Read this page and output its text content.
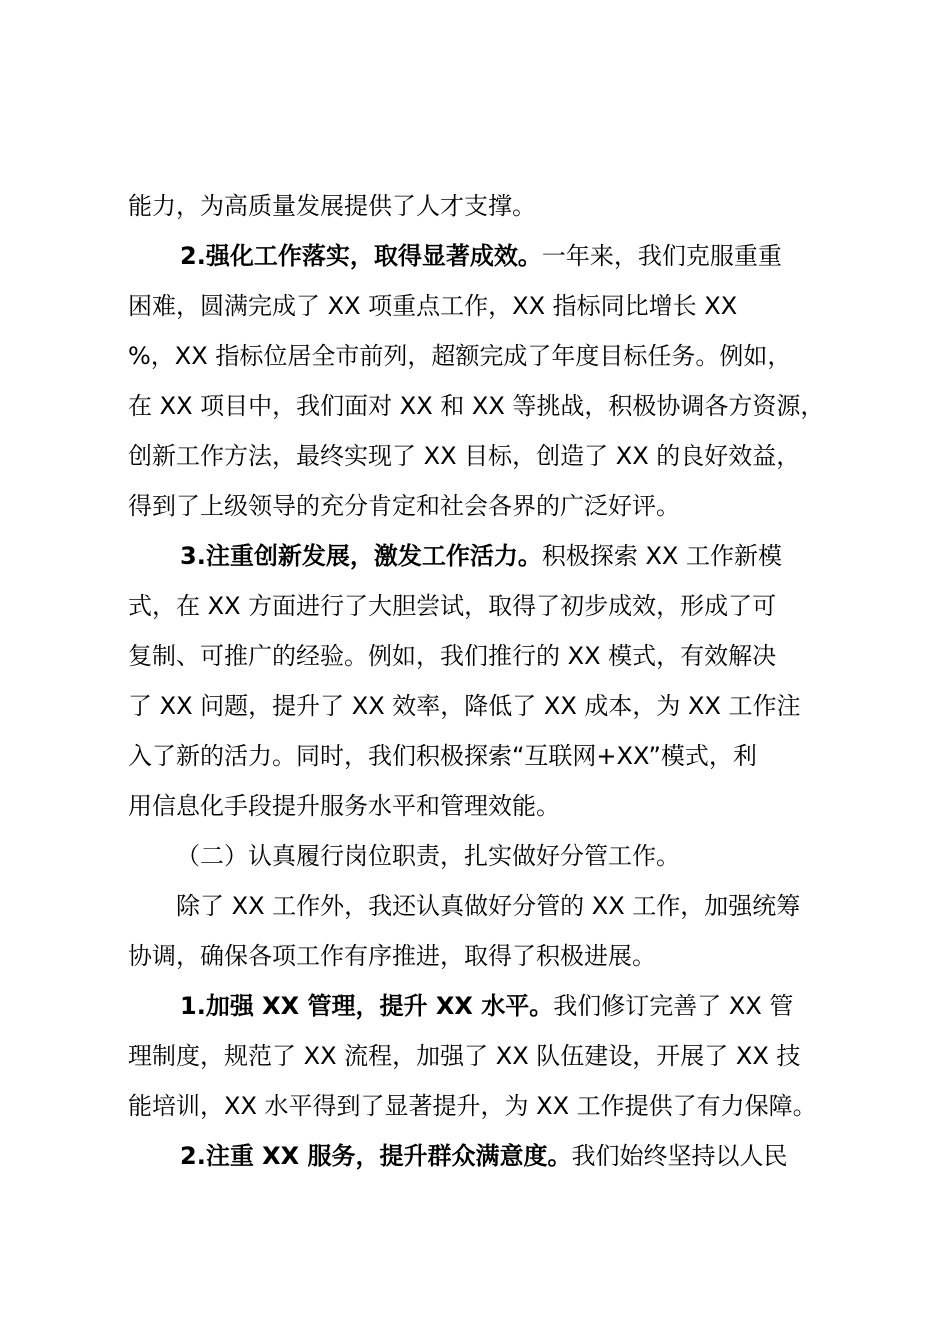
能力，为高质量发展提供了人才支撑。
2.强化工作落实，取得显著成效。一年来，我们克服重重
困难，圆满完成了 XX 项重点工作，XX 指标同比增长 XX
%，XX 指标位居全市前列，超额完成了年度目标任务。例如，
在 XX 项目中，我们面对 XX 和 XX 等挑战，积极协调各方资源，
创新工作方法，最终实现了 XX 目标，创造了 XX 的良好效益，
得到了上级领导的充分肯定和社会各界的广泛好评。
3.注重创新发展，激发工作活力。积极探索 XX 工作新模
式，在 XX 方面进行了大胆尝试，取得了初步成效，形成了可
复制、可推广的经验。例如，我们推行的 XX 模式，有效解决
了 XX 问题，提升了 XX 效率，降低了 XX 成本，为 XX 工作注
入了新的活力。同时，我们积极探索“互联网+XX”模式，利
用信息化手段提升服务水平和管理效能。
（二）认真履行岗位职责，扎实做好分管工作。
除了 XX 工作外，我还认真做好分管的 XX 工作，加强统筹
协调，确保各项工作有序推进，取得了积极进展。
1.加强 XX 管理，提升 XX 水平。我们修订完善了 XX 管
理制度，规范了 XX 流程，加强了 XX 队伍建设，开展了 XX 技
能培训，XX 水平得到了显著提升，为 XX 工作提供了有力保障。
2.注重 XX 服务，提升群众满意度。我们始终坚持以人民
